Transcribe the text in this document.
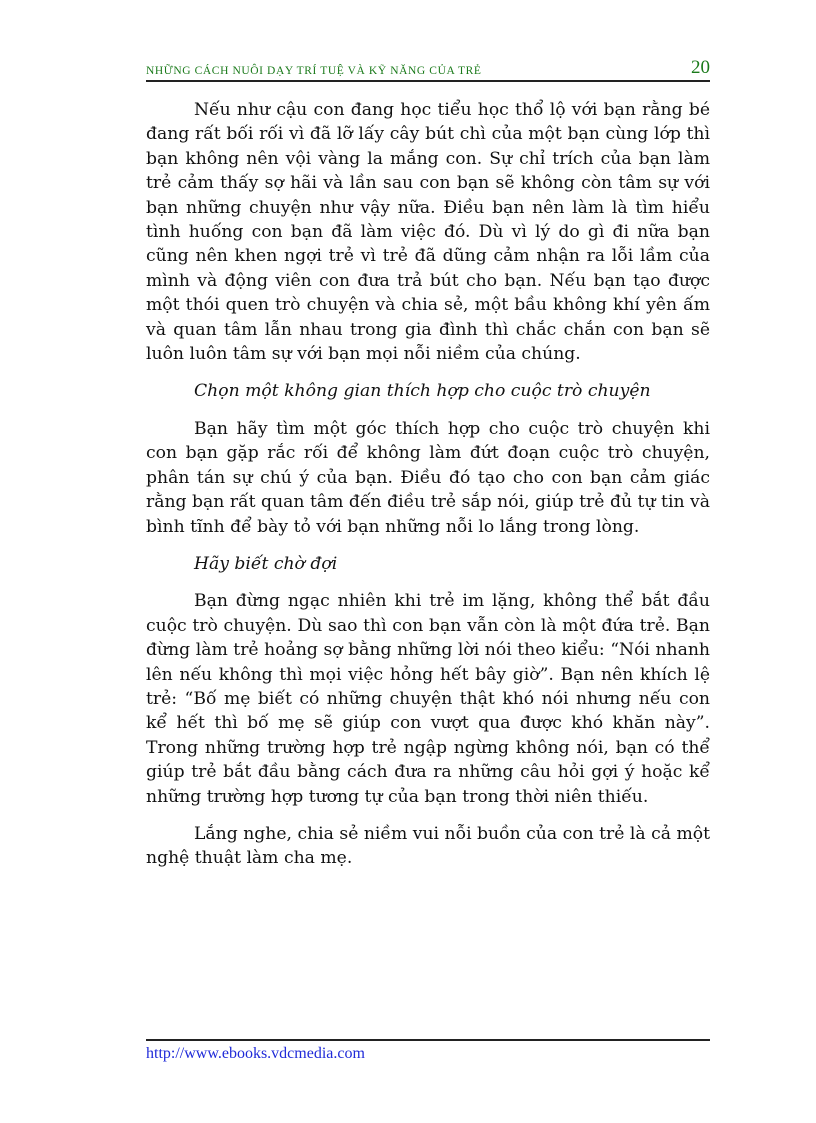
NHỮNG CÁCH NUÔI DẠY TRÍ TUỆ VÀ KỸ NĂNG CỦA TRẺ	20

Nếu như cậu con đang học tiểu học thổ lộ với bạn rằng bé đang rất bối rối vì đã lỡ lấy cây bút chì của một bạn cùng lớp thì bạn không nên vội vàng la mắng con. Sự chỉ trích của bạn làm trẻ cảm thấy sợ hãi và lần sau con bạn sẽ không còn tâm sự với bạn những chuyện như vậy nữa. Điều bạn nên làm là tìm hiểu tình huống con bạn đã làm việc đó. Dù vì lý do gì đi nữa bạn cũng nên khen ngợi trẻ vì trẻ đã dũng cảm nhận ra lỗi lầm của mình và động viên con đưa trả bút cho bạn. Nếu bạn tạo được một thói quen trò chuyện và chia sẻ, một bầu không khí yên ấm và quan tâm lẫn nhau trong gia đình thì chắc chắn con bạn sẽ luôn luôn tâm sự với bạn mọi nỗi niềm của chúng.

Chọn một không gian thích hợp cho cuộc trò chuyện

Bạn hãy tìm một góc thích hợp cho cuộc trò chuyện khi con bạn gặp rắc rối để không làm đứt đoạn cuộc trò chuyện, phân tán sự chú ý của bạn. Điều đó tạo cho con bạn cảm giác rằng bạn rất quan tâm đến điều trẻ sắp nói, giúp trẻ đủ tự tin và bình tĩnh để bày tỏ với bạn những nỗi lo lắng trong lòng.

Hãy biết chờ đợi

Bạn đừng ngạc nhiên khi trẻ im lặng, không thể bắt đầu cuộc trò chuyện. Dù sao thì con bạn vẫn còn là một đứa trẻ. Bạn đừng làm trẻ hoảng sợ bằng những lời nói theo kiểu: “Nói nhanh lên nếu không thì mọi việc hỏng hết bây giờ”. Bạn nên khích lệ trẻ: “Bố mẹ biết có những chuyện thật khó nói nhưng nếu con kể hết thì bố mẹ sẽ giúp con vượt qua được khó khăn này”. Trong những trường hợp trẻ ngập ngừng không nói, bạn có thể giúp trẻ bắt đầu bằng cách đưa ra những câu hỏi gợi ý hoặc kể những trường hợp tương tự của bạn trong thời niên thiếu.

Lắng nghe, chia sẻ niềm vui nỗi buồn của con trẻ là cả một nghệ thuật làm cha mẹ.

http://www.ebooks.vdcmedia.com
